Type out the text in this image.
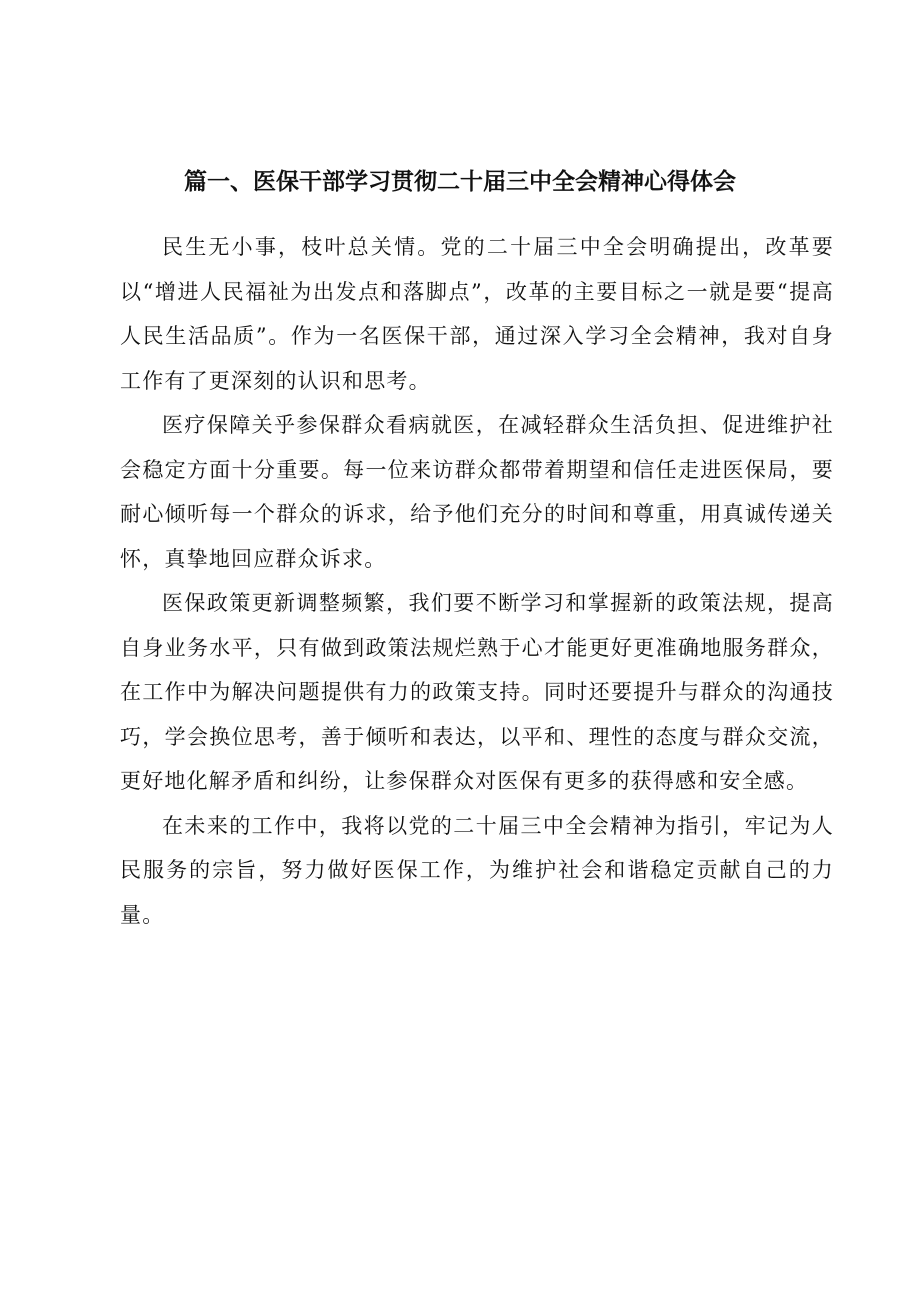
篇一、医保干部学习贯彻二十届三中全会精神心得体会

民生无小事，枝叶总关情。党的二十届三中全会明确提出，改革要以“增进人民福祉为出发点和落脚点”，改革的主要目标之一就是要“提高人民生活品质”。作为一名医保干部，通过深入学习全会精神，我对自身工作有了更深刻的认识和思考。

医疗保障关乎参保群众看病就医，在减轻群众生活负担、促进维护社会稳定方面十分重要。每一位来访群众都带着期望和信任走进医保局，要耐心倾听每一个群众的诉求，给予他们充分的时间和尊重，用真诚传递关怀，真挚地回应群众诉求。

医保政策更新调整频繁，我们要不断学习和掌握新的政策法规，提高自身业务水平，只有做到政策法规烂熟于心才能更好更准确地服务群众，在工作中为解决问题提供有力的政策支持。同时还要提升与群众的沟通技巧，学会换位思考，善于倾听和表达，以平和、理性的态度与群众交流，更好地化解矛盾和纠纷，让参保群众对医保有更多的获得感和安全感。

在未来的工作中，我将以党的二十届三中全会精神为指引，牢记为人民服务的宗旨，努力做好医保工作，为维护社会和谐稳定贡献自己的力量。
